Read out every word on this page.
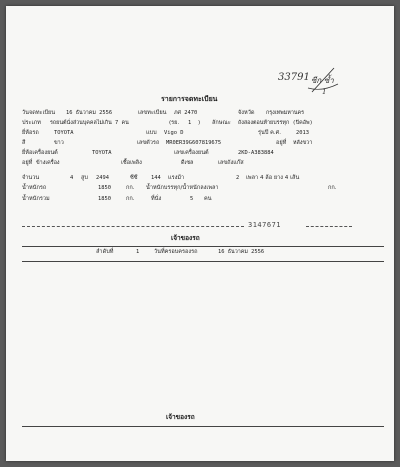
33791 ซีก ซ้ำ
1
รายการจดทะเบียน
วันจดทะเบียน 16 ธันวาคม 2556	เลขทะเบียน ภศ 2470	จังหวัด กรุงเทพมหานคร
ประเภท รถยนต์นั่งส่วนบุคคลไม่เกิน 7 คน	(รย. 1 ) ลักษณะ ถังสองตอนท้ายบรรทุก (ปิคอัพ)
ยี่ห้อรถ	TOYOTA	แบบ Vigo D	รุ่นปี ค.ศ.	2013
สี	ขาว	เลขตัวรถ MR0ER39G607819675	อยู่ที่ หลังขวา
ยี่ห้อเครื่องยนต์	TOYOTA	เลขเครื่องยนต์	2KD-A383884
อยู่ที่ ข้างเครื่อง	เชื้อเพลิง	ดีเซล	เลขถังแก๊ส
จำนวน	4 สูบ 2494	ซีซี 144 แรงม้า	2 เพลา 4 ล้อ ยาง 4 เส้น
น้ำหนักรถ	1850	กก. น้ำหนักบรรทุก/น้ำหนักลงเพลา	กก.
น้ำหนักรวม	1850	กก.	ที่นั่ง	5 คน
3147671
เจ้าของรถ
ลำดับที่	1	วันที่ครอบครองรถ	16 ธันวาคม 2556
เจ้าของรถ
